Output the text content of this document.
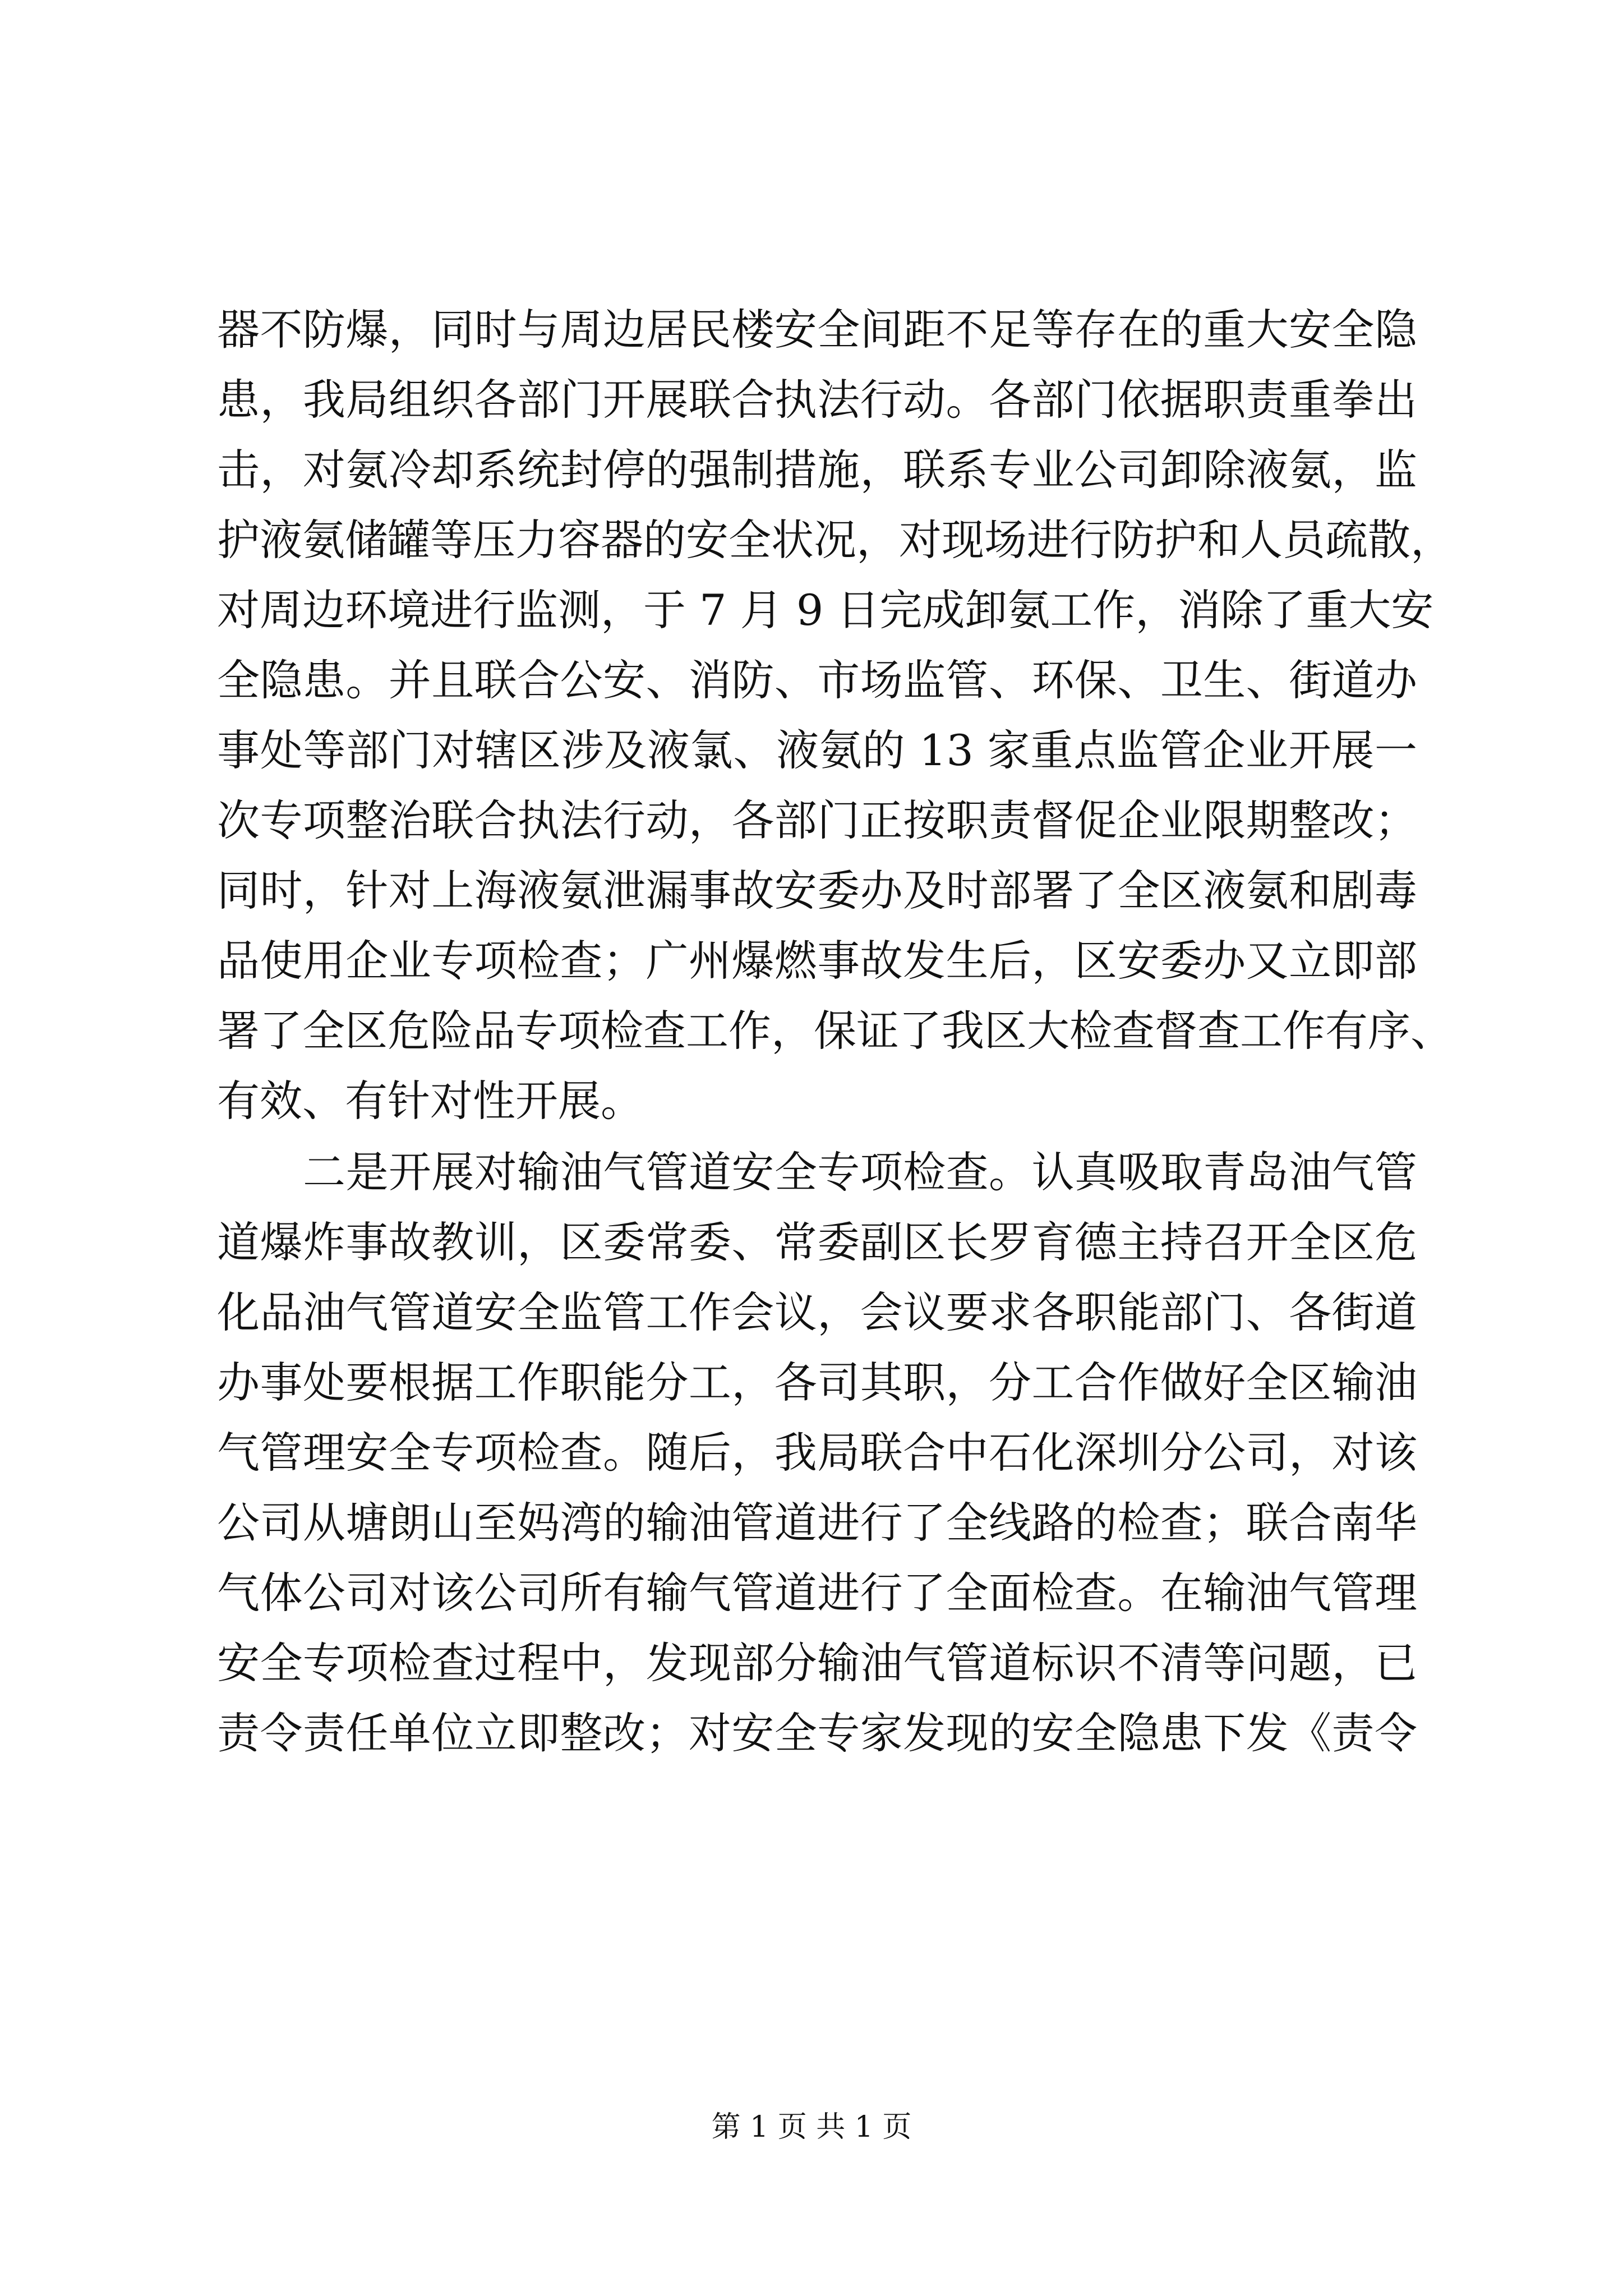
器不防爆，同时与周边居民楼安全间距不足等存在的重大安全隐

患，我局组织各部门开展联合执法行动。各部门依据职责重拳出

击，对氨冷却系统封停的强制措施，联系专业公司卸除液氨，监

护液氨储罐等压力容器的安全状况，对现场进行防护和人员疏散，

对周边环境进行监测，于 7 月 9 日完成卸氨工作，消除了重大安

全隐患。并且联合公安、消防、市场监管、环保、卫生、街道办

事处等部门对辖区涉及液氯、液氨的 13 家重点监管企业开展一

次专项整治联合执法行动，各部门正按职责督促企业限期整改；

同时，针对上海液氨泄漏事故安委办及时部署了全区液氨和剧毒

品使用企业专项检查；广州爆燃事故发生后，区安委办又立即部

署了全区危险品专项检查工作，保证了我区大检查督查工作有序、

有效、有针对性开展。

二是开展对输油气管道安全专项检查。认真吸取青岛油气管

道爆炸事故教训，区委常委、常委副区长罗育德主持召开全区危

化品油气管道安全监管工作会议，会议要求各职能部门、各街道

办事处要根据工作职能分工，各司其职，分工合作做好全区输油

气管理安全专项检查。随后，我局联合中石化深圳分公司，对该

公司从塘朗山至妈湾的输油管道进行了全线路的检查；联合南华

气体公司对该公司所有输气管道进行了全面检查。在输油气管理

安全专项检查过程中，发现部分输油气管道标识不清等问题，已

责令责任单位立即整改；对安全专家发现的安全隐患下发《责令

第 1 页 共 1 页
